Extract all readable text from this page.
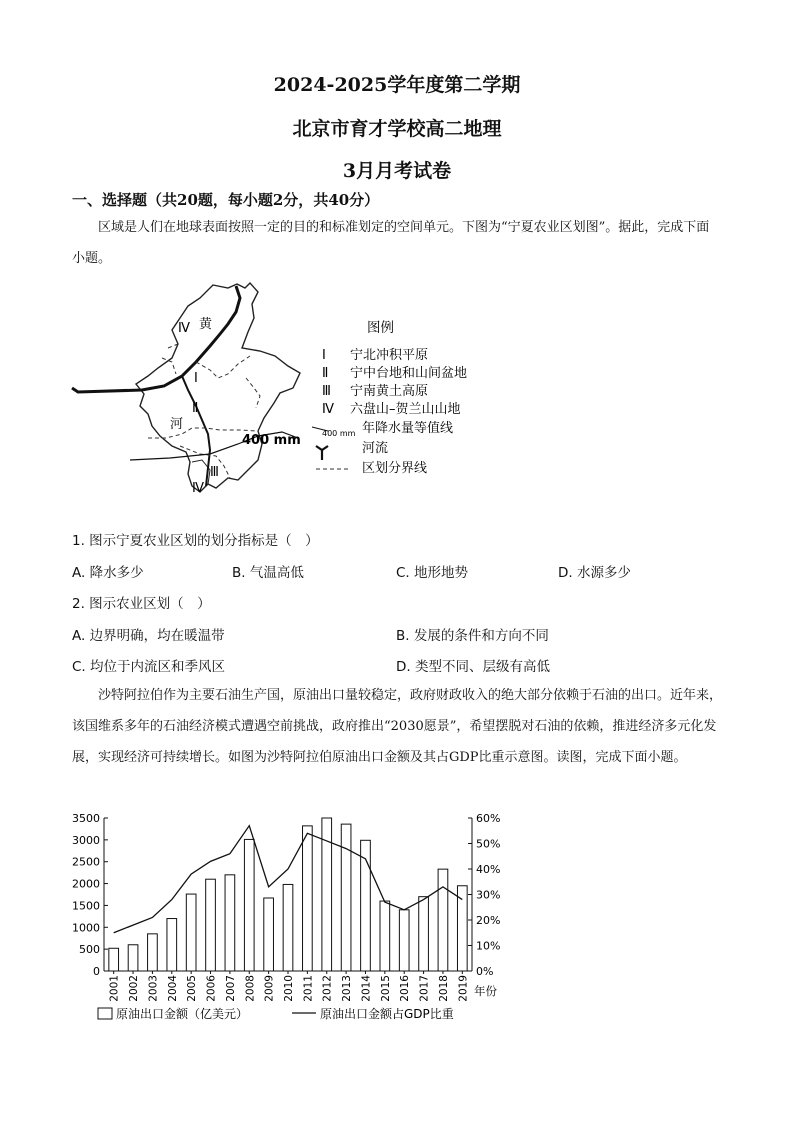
2024-2025学年度第二学期
北京市育才学校高二地理
3月月考试卷
一、选择题（共20题，每小题2分，共40分）
区域是人们在地球表面按照一定的目的和标准划定的空间单元。下图为“宁夏农业区划图”。据此，完成下面小题。
Ⅳ 黄
Ⅰ
Ⅱ
河
400 mm
Ⅲ
Ⅳ
图例
Ⅰ 宁北冲积平原
Ⅱ 宁中台地和山间盆地
Ⅲ 宁南黄土高原
Ⅳ 六盘山–贺兰山山地
400 mm 年降水量等值线
河流
区划分界线
1. 图示宁夏农业区划的划分指标是（　）
A. 降水多少	B. 气温高低	C. 地形地势	D. 水源多少
2. 图示农业区划（　）
A. 边界明确，均在暖温带	B. 发展的条件和方向不同
C. 均位于内流区和季风区	D. 类型不同、层级有高低
沙特阿拉伯作为主要石油生产国，原油出口量较稳定，政府财政收入的绝大部分依赖于石油的出口。近年来，该国维系多年的石油经济模式遭遇空前挑战，政府推出“2030愿景”，希望摆脱对石油的依赖，推进经济多元化发展，实现经济可持续增长。如图为沙特阿拉伯原油出口金额及其占GDP比重示意图。读图，完成下面小题。
0
500
1000
1500
2000
2500
3000
3500
0%
10%
20%
30%
40%
50%
60%
2001 2002 2003 2004 2005 2006 2007 2008 2009 2010 2011 2012 2013 2014 2015 2016 2017 2018 2019 年份
原油出口金额（亿美元）	原油出口金额占GDP比重
